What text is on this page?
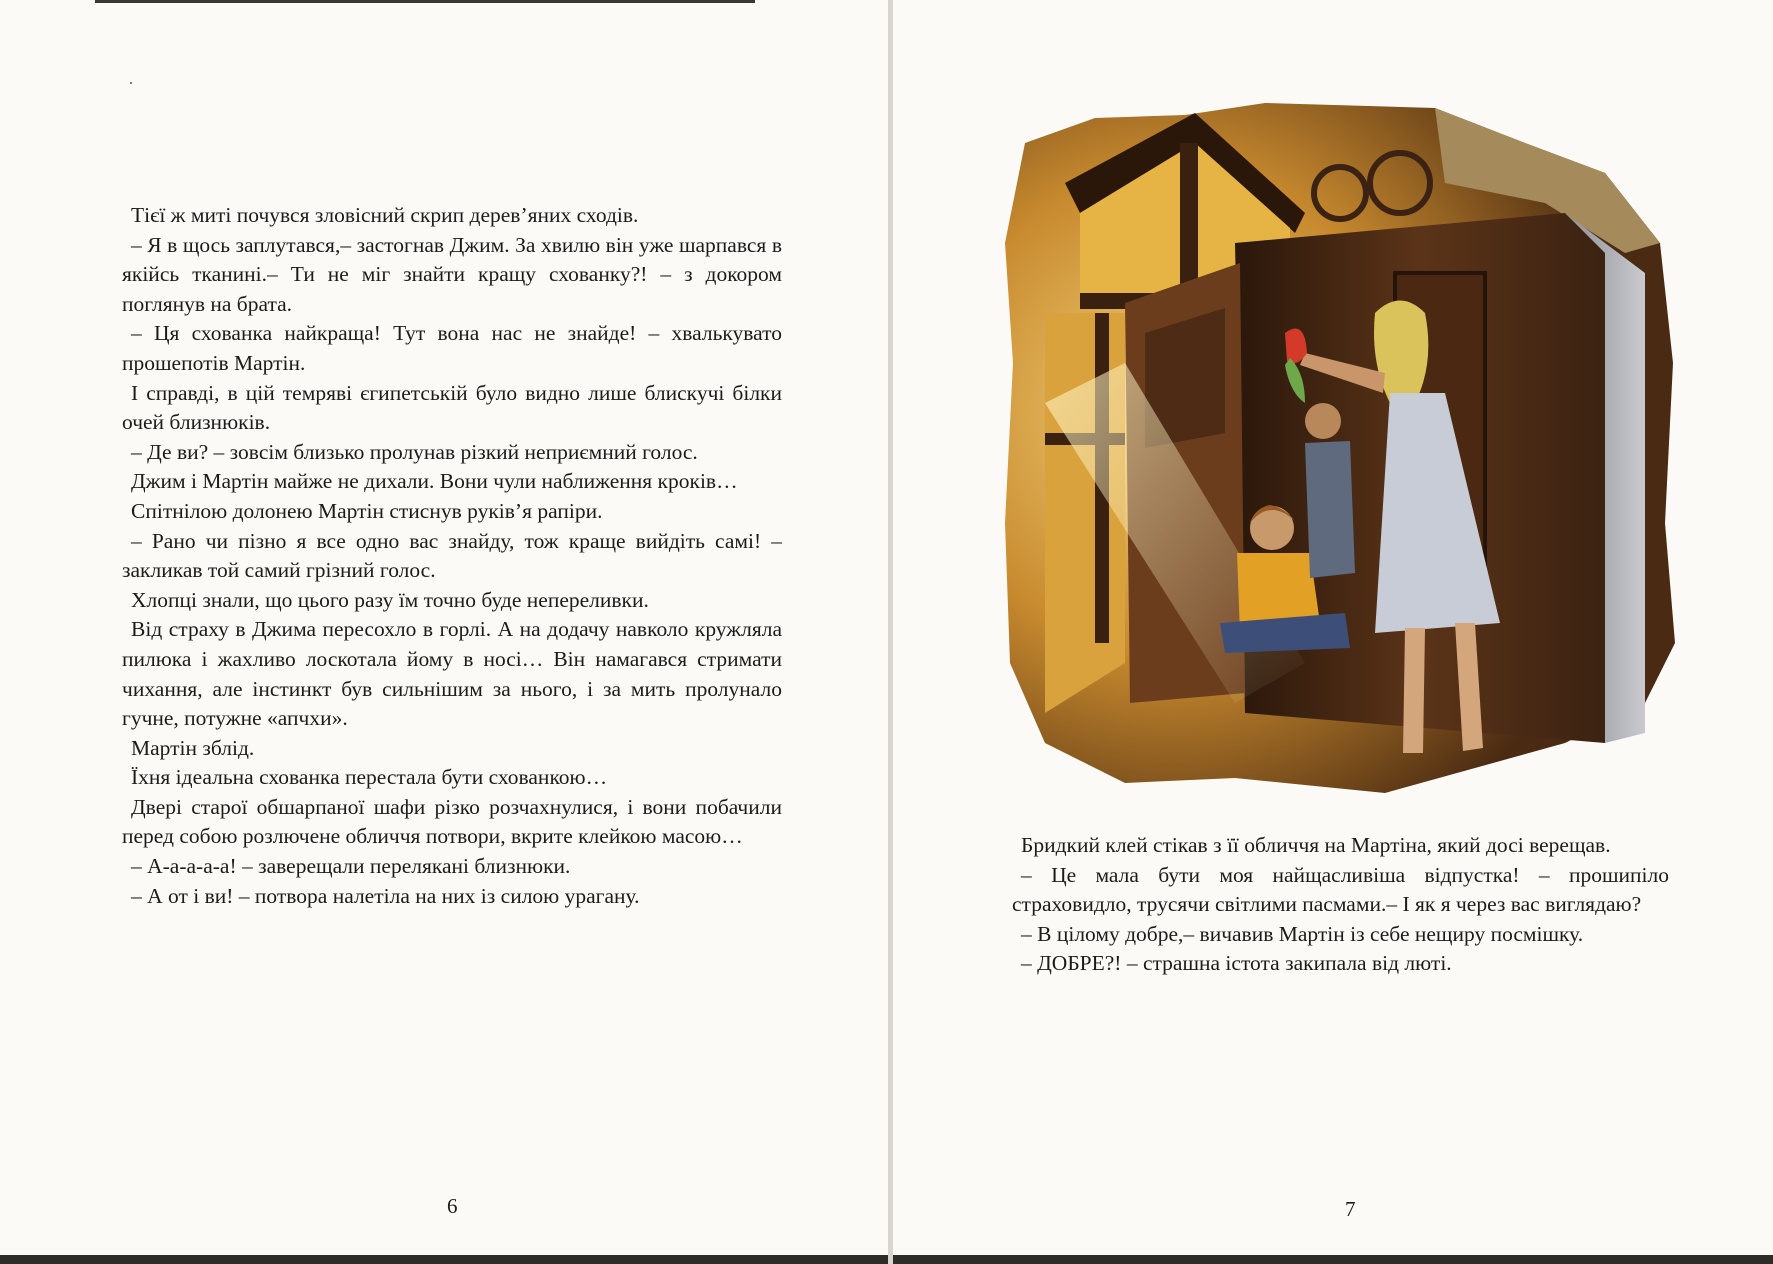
Тієї ж миті почувся зловісний скрип дерев’яних сходів.

– Я в щось заплутався,– застогнав Джим. За хвилю він уже шарпався в якійсь тканині.– Ти не міг знайти кращу схованку?! – з докором поглянув на брата.

– Ця схованка найкраща! Тут вона нас не знайде! – хвалькувато прошепотів Мартін.

І справді, в цій темряві єгипетській було видно лише блискучі білки очей близнюків.

– Де ви? – зовсім близько пролунав різкий неприємний голос.

Джим і Мартін майже не дихали. Вони чули наближення кроків…

Спітнілою долонею Мартін стиснув руків’я рапіри.

– Рано чи пізно я все одно вас знайду, тож краще вийдіть самі! – закликав той самий грізний голос.

Хлопці знали, що цього разу їм точно буде непереливки.

Від страху в Джима пересохло в горлі. А на додачу навколо кружляла пилюка і жахливо лоскотала йому в носі… Він намагався стримати чихання, але інстинкт був сильнішим за нього, і за мить пролунало гучне, потужне «апчхи».

Мартін зблід.

Їхня ідеальна схованка перестала бути схованкою…

Двері старої обшарпаної шафи різко розчахнулися, і вони побачили перед собою розлючене обличчя потвори, вкрите клейкою масою…

– А-а-а-а-а! – заверещали перелякані близнюки.

– А от і ви! – потвора налетіла на них із силою урагану.

6

Бридкий клей стікав з її обличчя на Мартіна, який досі верещав.

– Це мала бути моя найщасливіша відпустка! – прошипіло страховидло, трусячи світлими пасмами.– І як я через вас виглядаю?

– В цілому добре,– вичавив Мартін із себе нещиру посмішку.

– ДОБРЕ?! – страшна істота закипала від люті.

7
